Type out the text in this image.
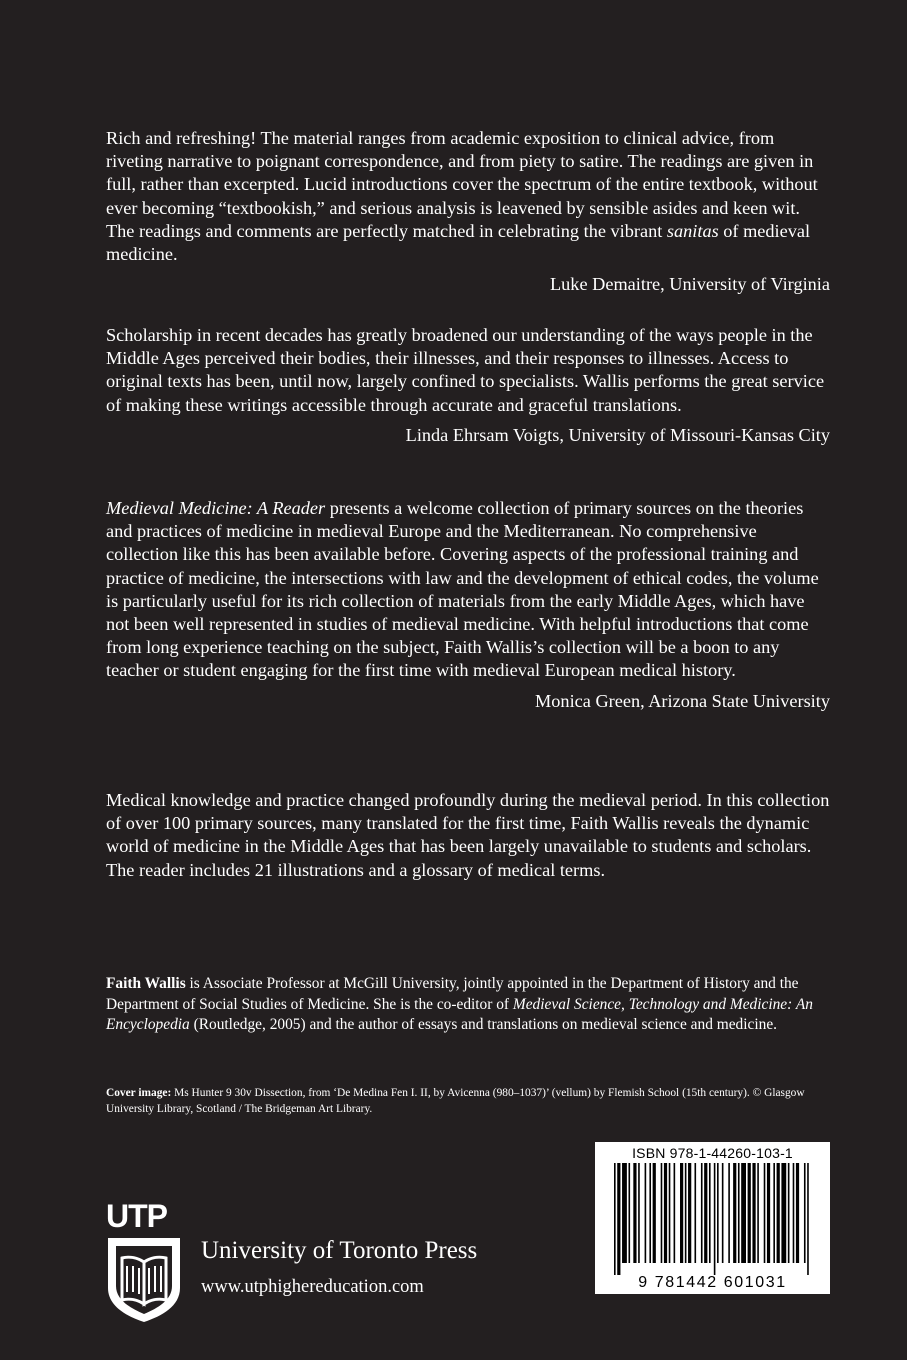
Rich and refreshing! The material ranges from academic exposition to clinical advice, from riveting narrative to poignant correspondence, and from piety to satire. The readings are given in full, rather than excerpted. Lucid introductions cover the spectrum of the entire textbook, without ever becoming “textbookish,” and serious analysis is leavened by sensible asides and keen wit. The readings and comments are perfectly matched in celebrating the vibrant sanitas of medieval medicine.

Luke Demaitre, University of Virginia

Scholarship in recent decades has greatly broadened our understanding of the ways people in the Middle Ages perceived their bodies, their illnesses, and their responses to illnesses. Access to original texts has been, until now, largely confined to specialists. Wallis performs the great service of making these writings accessible through accurate and graceful translations.

Linda Ehrsam Voigts, University of Missouri-Kansas City

Medieval Medicine: A Reader presents a welcome collection of primary sources on the theories and practices of medicine in medieval Europe and the Mediterranean. No comprehensive collection like this has been available before. Covering aspects of the professional training and practice of medicine, the intersections with law and the development of ethical codes, the volume is particularly useful for its rich collection of materials from the early Middle Ages, which have not been well represented in studies of medieval medicine. With helpful introductions that come from long experience teaching on the subject, Faith Wallis’s collection will be a boon to any teacher or student engaging for the first time with medieval European medical history.

Monica Green, Arizona State University

Medical knowledge and practice changed profoundly during the medieval period. In this collection of over 100 primary sources, many translated for the first time, Faith Wallis reveals the dynamic world of medicine in the Middle Ages that has been largely unavailable to students and scholars. The reader includes 21 illustrations and a glossary of medical terms.

Faith Wallis is Associate Professor at McGill University, jointly appointed in the Department of History and the Department of Social Studies of Medicine. She is the co-editor of Medieval Science, Technology and Medicine: An Encyclopedia (Routledge, 2005) and the author of essays and translations on medieval science and medicine.

Cover image: Ms Hunter 9 30v Dissection, from ‘De Medina Fen I. II, by Avicenna (980–1037)’ (vellum) by Flemish School (15th century). © Glasgow University Library, Scotland / The Bridgeman Art Library.

ISBN 978-1-44260-103-1
9 781442 601031
UTP
University of Toronto Press
www.utphighereducation.com
